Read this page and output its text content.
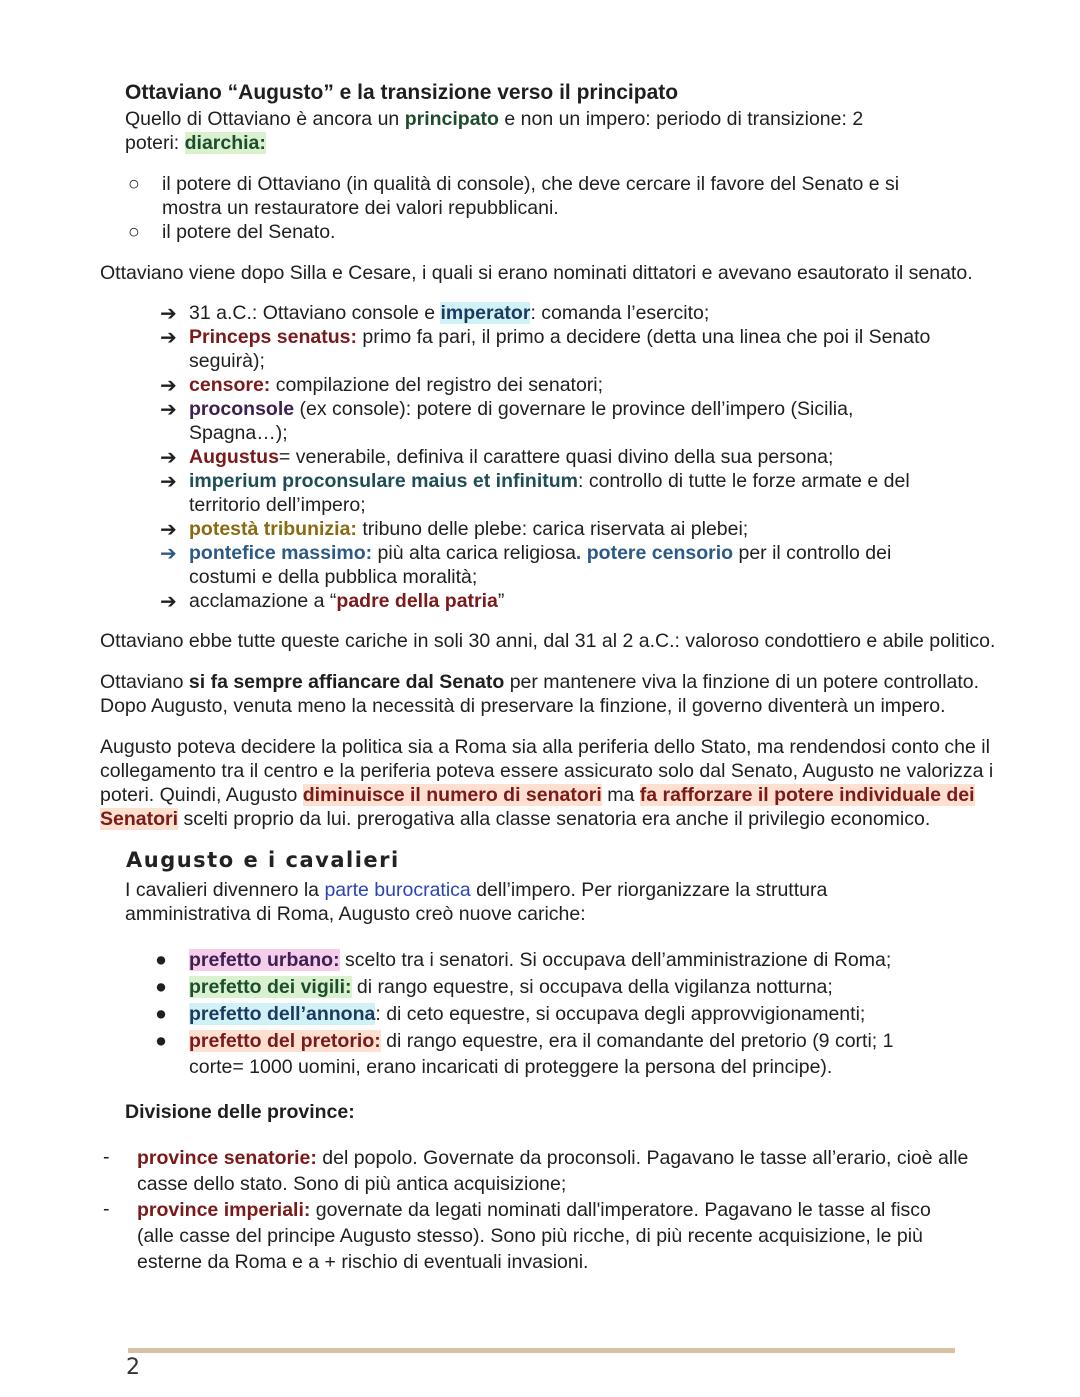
Ottaviano “Augusto” e la transizione verso il principato
Quello di Ottaviano è ancora un principato e non un impero: periodo di transizione: 2
poteri: diarchia:
○ il potere di Ottaviano (in qualità di console), che deve cercare il favore del Senato e si
mostra un restauratore dei valori repubblicani.
○ il potere del Senato.
Ottaviano viene dopo Silla e Cesare, i quali si erano nominati dittatori e avevano esautorato il senato.
➔ 31 a.C.: Ottaviano console e imperator: comanda l’esercito;
➔ Princeps senatus: primo fa pari, il primo a decidere (detta una linea che poi il Senato
seguirà);
➔ censore: compilazione del registro dei senatori;
➔ proconsole (ex console): potere di governare le province dell’impero (Sicilia,
Spagna…);
➔ Augustus= venerabile, definiva il carattere quasi divino della sua persona;
➔ imperium proconsulare maius et infinitum: controllo di tutte le forze armate e del
territorio dell’impero;
➔ potestà tribunizia: tribuno delle plebe: carica riservata ai plebei;
➔ pontefice massimo: più alta carica religiosa. potere censorio per il controllo dei
costumi e della pubblica moralità;
➔ acclamazione a “padre della patria”
Ottaviano ebbe tutte queste cariche in soli 30 anni, dal 31 al 2 a.C.: valoroso condottiero e abile politico.
Ottaviano si fa sempre affiancare dal Senato per mantenere viva la finzione di un potere controllato.
Dopo Augusto, venuta meno la necessità di preservare la finzione, il governo diventerà un impero.
Augusto poteva decidere la politica sia a Roma sia alla periferia dello Stato, ma rendendosi conto che il
collegamento tra il centro e la periferia poteva essere assicurato solo dal Senato, Augusto ne valorizza i
poteri. Quindi, Augusto diminuisce il numero di senatori ma fa rafforzare il potere individuale dei
Senatori scelti proprio da lui. prerogativa alla classe senatoria era anche il privilegio economico.
Augusto e i cavalieri
I cavalieri divennero la parte burocratica dell’impero. Per riorganizzare la struttura
amministrativa di Roma, Augusto creò nuove cariche:
●	prefetto urbano: scelto tra i senatori. Si occupava dell’amministrazione di Roma;
●	prefetto dei vigili: di rango equestre, si occupava della vigilanza notturna;
●	prefetto dell’annona: di ceto equestre, si occupava degli approvvigionamenti;
●	prefetto del pretorio: di rango equestre, era il comandante del pretorio (9 corti; 1
corte= 1000 uomini, erano incaricati di proteggere la persona del principe).
Divisione delle province:
- province senatorie: del popolo. Governate da proconsoli. Pagavano le tasse all’erario, cioè alle
casse dello stato. Sono di più antica acquisizione;
- province imperiali: governate da legati nominati dall'imperatore. Pagavano le tasse al fisco
(alle casse del principe Augusto stesso). Sono più ricche, di più recente acquisizione, le più
esterne da Roma e a + rischio di eventuali invasioni.
2
